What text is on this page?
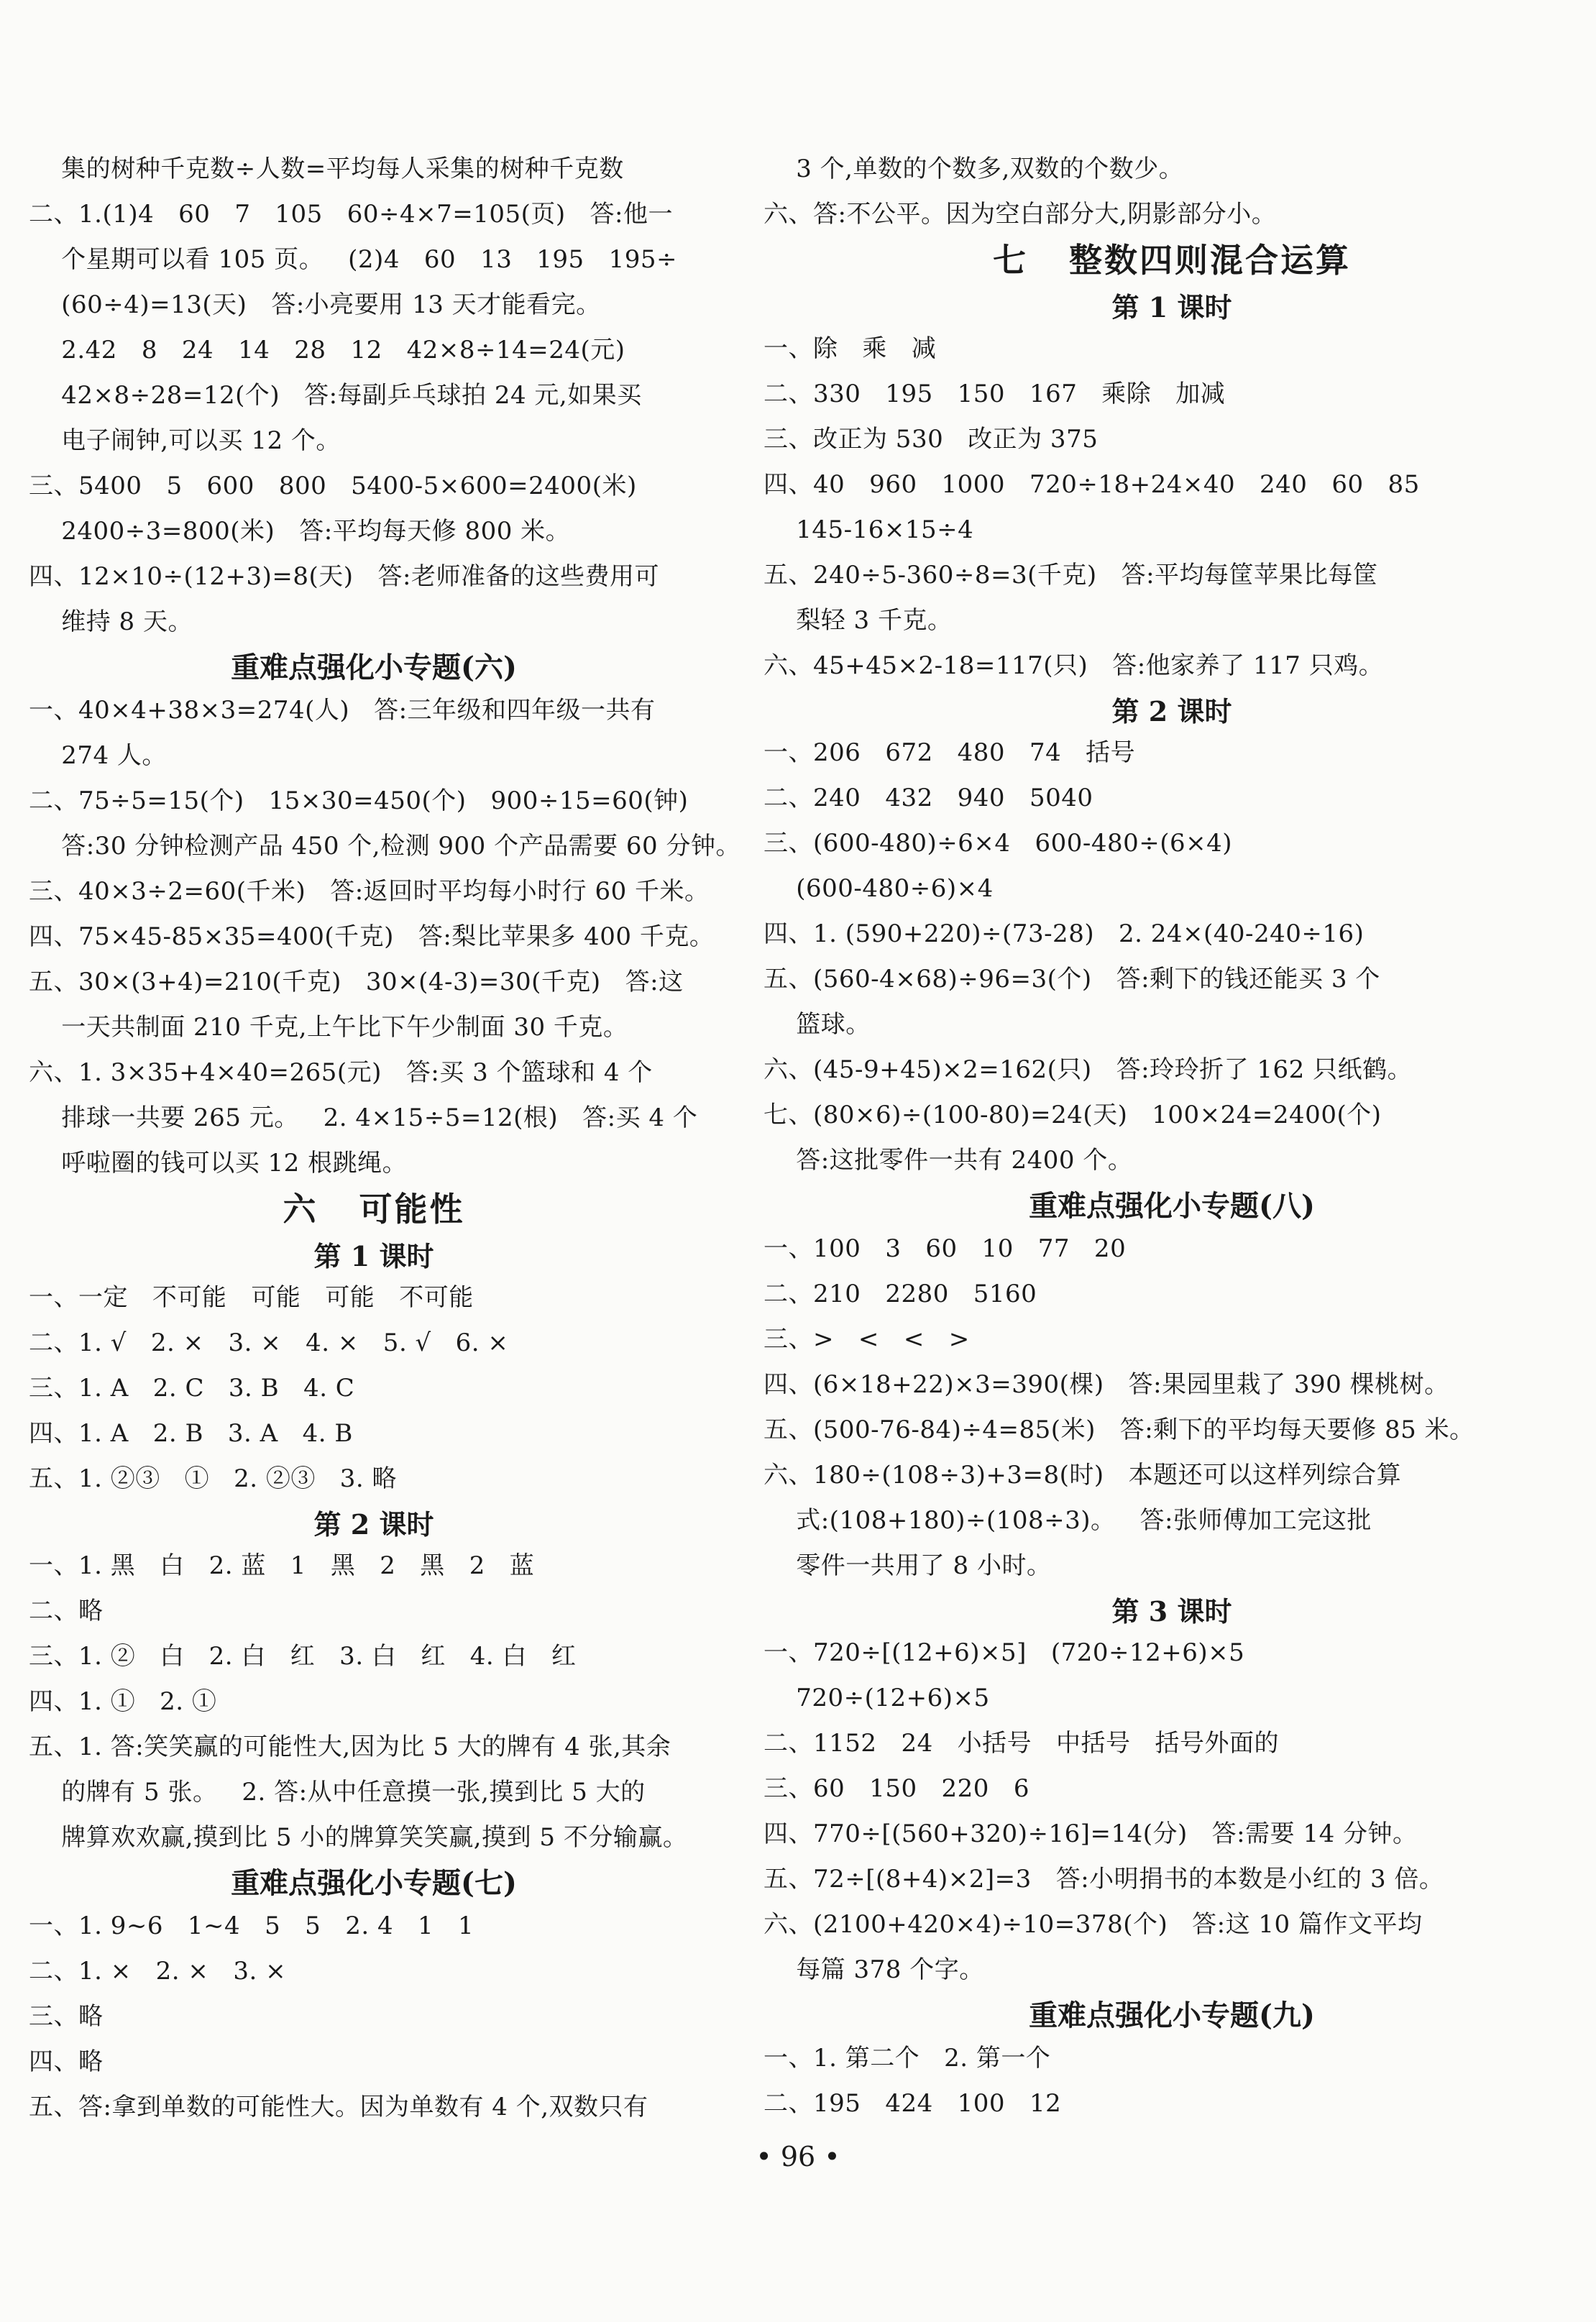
集的树种千克数÷人数=平均每人采集的树种千克数
二、1.(1)4   60   7   105   60÷4×7=105(页)   答:他一
个星期可以看 105 页。   (2)4   60   13   195   195÷
(60÷4)=13(天)   答:小亮要用 13 天才能看完。
2.42   8   24   14   28   12   42×8÷14=24(元)
42×8÷28=12(个)   答:每副乒乓球拍 24 元,如果买
电子闹钟,可以买 12 个。
三、5400   5   600   800   5400-5×600=2400(米)
2400÷3=800(米)   答:平均每天修 800 米。
四、12×10÷(12+3)=8(天)   答:老师准备的这些费用可
维持 8 天。
重难点强化小专题(六)
一、40×4+38×3=274(人)   答:三年级和四年级一共有
274 人。
二、75÷5=15(个)   15×30=450(个)   900÷15=60(钟)
答:30 分钟检测产品 450 个,检测 900 个产品需要 60 分钟。
三、40×3÷2=60(千米)   答:返回时平均每小时行 60 千米。
四、75×45-85×35=400(千克)   答:梨比苹果多 400 千克。
五、30×(3+4)=210(千克)   30×(4-3)=30(千克)   答:这
一天共制面 210 千克,上午比下午少制面 30 千克。
六、1. 3×35+4×40=265(元)   答:买 3 个篮球和 4 个
排球一共要 265 元。   2. 4×15÷5=12(根)   答:买 4 个
呼啦圈的钱可以买 12 根跳绳。
六   可能性
第 1 课时
一、一定   不可能   可能   可能   不可能
二、1. √   2. ×   3. ×   4. ×   5. √   6. ×
三、1. A   2. C   3. B   4. C
四、1. A   2. B   3. A   4. B
五、1. ②③   ①   2. ②③   3. 略
第 2 课时
一、1. 黑   白   2. 蓝   1   黑   2   黑   2   蓝
二、略
三、1. ②   白   2. 白   红   3. 白   红   4. 白   红
四、1. ①   2. ①
五、1. 答:笑笑赢的可能性大,因为比 5 大的牌有 4 张,其余
的牌有 5 张。   2. 答:从中任意摸一张,摸到比 5 大的
牌算欢欢赢,摸到比 5 小的牌算笑笑赢,摸到 5 不分输赢。
重难点强化小专题(七)
一、1. 9~6   1~4   5   5   2. 4   1   1
二、1. ×   2. ×   3. ×
三、略
四、略
五、答:拿到单数的可能性大。因为单数有 4 个,双数只有
3 个,单数的个数多,双数的个数少。
六、答:不公平。因为空白部分大,阴影部分小。
七   整数四则混合运算
第 1 课时
一、除   乘   减
二、330   195   150   167   乘除   加减
三、改正为 530   改正为 375
四、40   960   1000   720÷18+24×40   240   60   85
145-16×15÷4
五、240÷5-360÷8=3(千克)   答:平均每筐苹果比每筐
梨轻 3 千克。
六、45+45×2-18=117(只)   答:他家养了 117 只鸡。
第 2 课时
一、206   672   480   74   括号
二、240   432   940   5040
三、(600-480)÷6×4   600-480÷(6×4)
(600-480÷6)×4
四、1. (590+220)÷(73-28)   2. 24×(40-240÷16)
五、(560-4×68)÷96=3(个)   答:剩下的钱还能买 3 个
篮球。
六、(45-9+45)×2=162(只)   答:玲玲折了 162 只纸鹤。
七、(80×6)÷(100-80)=24(天)   100×24=2400(个)
答:这批零件一共有 2400 个。
重难点强化小专题(八)
一、100   3   60   10   77   20
二、210   2280   5160
三、>   <   <   >
四、(6×18+22)×3=390(棵)   答:果园里栽了 390 棵桃树。
五、(500-76-84)÷4=85(米)   答:剩下的平均每天要修 85 米。
六、180÷(108÷3)+3=8(时)   本题还可以这样列综合算
式:(108+180)÷(108÷3)。   答:张师傅加工完这批
零件一共用了 8 小时。
第 3 课时
一、720÷[(12+6)×5]   (720÷12+6)×5
720÷(12+6)×5
二、1152   24   小括号   中括号   括号外面的
三、60   150   220   6
四、770÷[(560+320)÷16]=14(分)   答:需要 14 分钟。
五、72÷[(8+4)×2]=3   答:小明捐书的本数是小红的 3 倍。
六、(2100+420×4)÷10=378(个)   答:这 10 篇作文平均
每篇 378 个字。
重难点强化小专题(九)
一、1. 第二个   2. 第一个
二、195   424   100   12
• 96 •
